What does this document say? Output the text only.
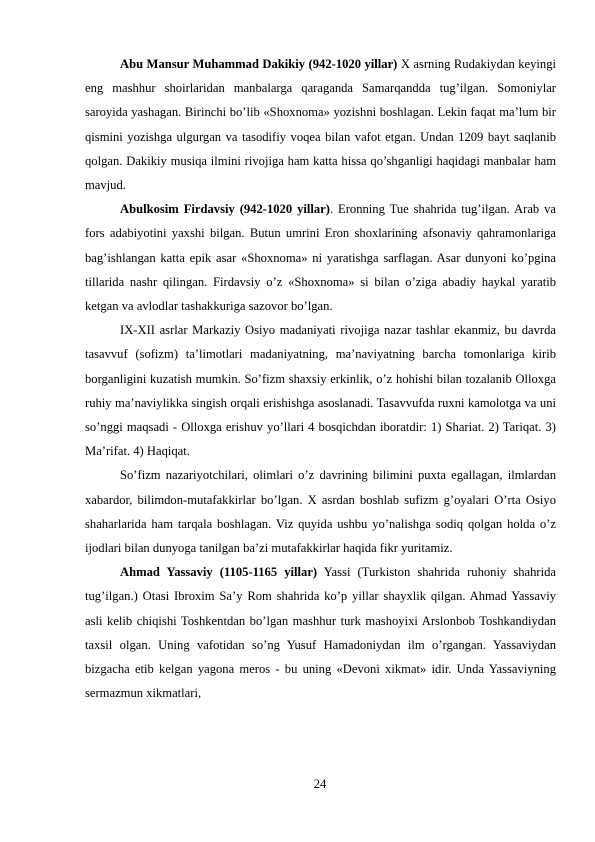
Abu Mansur Muhammad Dakikiy (942-1020 yillar) X asrning Rudakiydan keyingi eng mashhur shoirlaridan manbalarga qaraganda Samarqandda tug’ilgan. Somoniylar saroyida yashagan. Birinchi bo’lib «Shoxnoma» yozishni boshlagan. Lekin faqat ma’lum bir qismini yozishga ulgurgan va tasodifiy voqea bilan vafot etgan. Undan 1209 bayt saqlanib qolgan. Dakikiy musiqa ilmini rivojiga ham katta hissa qo’shganligi haqidagi manbalar ham mavjud.

Abulkosim Firdavsiy (942-1020 yillar). Eronning Tue shahrida tug’ilgan. Arab va fors adabiyotini yaxshi bilgan. Butun umrini Eron shoxlarining afsonaviy qahramonlariga bag’ishlangan katta epik asar «Shoxnoma» ni yaratishga sarflagan. Asar dunyoni ko’pgina tillarida nashr qilingan. Firdavsiy o’z «Shoxnoma» si bilan o’ziga abadiy haykal yaratib ketgan va avlodlar tashakkuriga sazovor bo’lgan.

IX-XII asrlar Markaziy Osiyo madaniyati rivojiga nazar tashlar ekanmiz, bu davrda tasavvuf (sofizm) ta’limotlari madaniyatning, ma’naviyatning barcha tomonlariga kirib borganligini kuzatish mumkin. So’fizm shaxsiy erkinlik, o’z hohishi bilan tozalanib Olloxga ruhiy ma’naviylikka singish orqali erishishga asoslanadi. Tasavvufda ruxni kamolotga va uni so’nggi maqsadi - Olloxga erishuv yo’llari 4 bosqichdan iboratdir: 1) Shariat. 2) Tariqat. 3) Ma’rifat. 4) Haqiqat.

So’fizm nazariyotchilari, olimlari o’z davrining bilimini puxta egallagan, ilmlardan xabardor, bilimdon-mutafakkirlar bo’lgan. X asrdan boshlab sufizm g’oyalari O’rta Osiyo shaharlarida ham tarqala boshlagan. Viz quyida ushbu yo’nalishga sodiq qolgan holda o’z ijodlari bilan dunyoga tanilgan ba’zi mutafakkirlar haqida fikr yuritamiz.

Ahmad Yassaviy (1105-1165 yillar) Yassi (Turkiston shahrida ruhoniy shahrida tug’ilgan.) Otasi Ibroxim Sa’y Rom shahrida ko’p yillar shayxlik qilgan. Ahmad Yassaviy asli kelib chiqishi Toshkentdan bo’lgan mashhur turk mashoyixi Arslonbob Toshkandiydan taxsil olgan. Uning vafotidan so’ng Yusuf Hamadoniydan ilm o’rgangan. Yassaviydan bizgacha etib kelgan yagona meros - bu uning «Devoni xikmat» idir. Unda Yassaviyning sermazmun xikmatlari,

24
